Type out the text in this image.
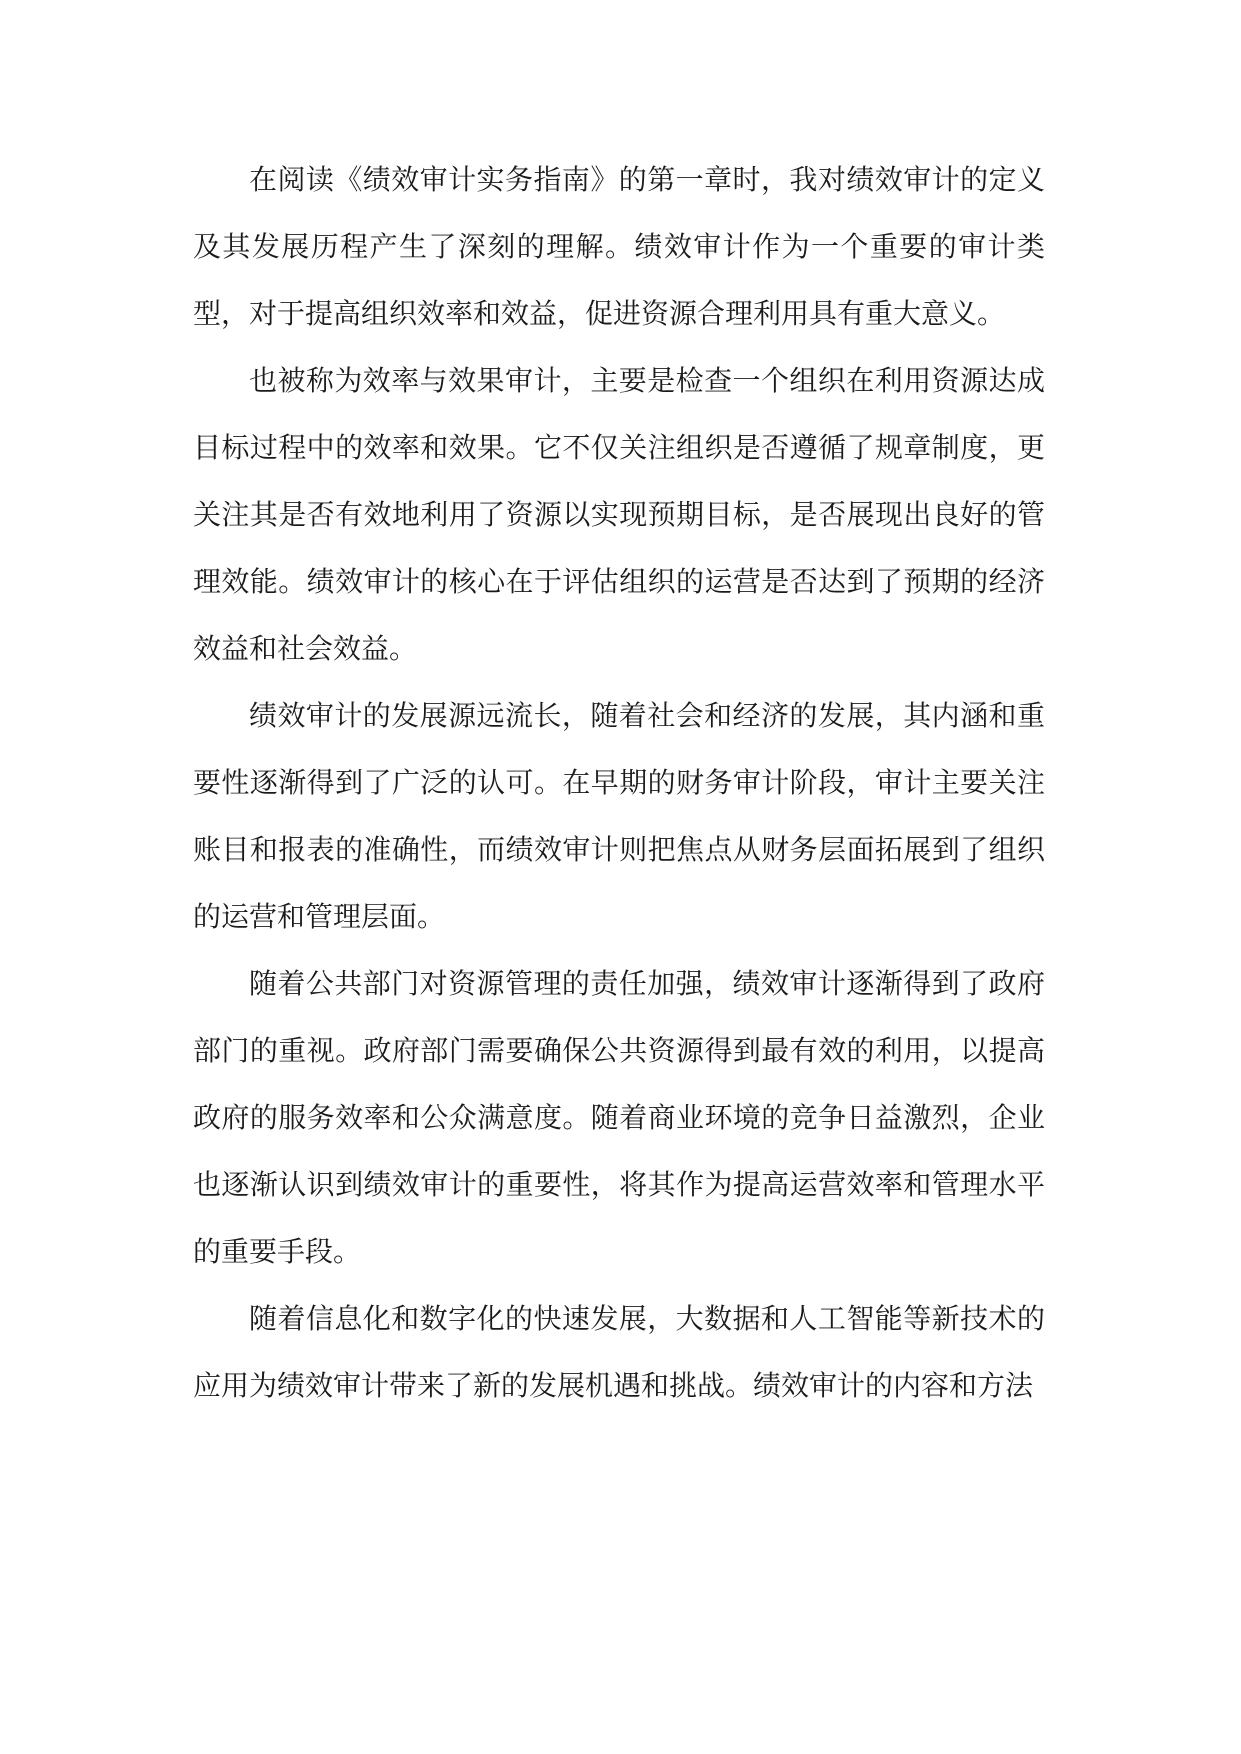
在阅读《绩效审计实务指南》的第一章时，我对绩效审计的定义及其发展历程产生了深刻的理解。绩效审计作为一个重要的审计类型，对于提高组织效率和效益，促进资源合理利用具有重大意义。

也被称为效率与效果审计，主要是检查一个组织在利用资源达成目标过程中的效率和效果。它不仅关注组织是否遵循了规章制度，更关注其是否有效地利用了资源以实现预期目标，是否展现出良好的管理效能。绩效审计的核心在于评估组织的运营是否达到了预期的经济效益和社会效益。

绩效审计的发展源远流长，随着社会和经济的发展，其内涵和重要性逐渐得到了广泛的认可。在早期的财务审计阶段，审计主要关注账目和报表的准确性，而绩效审计则把焦点从财务层面拓展到了组织的运营和管理层面。

随着公共部门对资源管理的责任加强，绩效审计逐渐得到了政府部门的重视。政府部门需要确保公共资源得到最有效的利用，以提高政府的服务效率和公众满意度。随着商业环境的竞争日益激烈，企业也逐渐认识到绩效审计的重要性，将其作为提高运营效率和管理水平的重要手段。

随着信息化和数字化的快速发展，大数据和人工智能等新技术的应用为绩效审计带来了新的发展机遇和挑战。绩效审计的内容和方法
